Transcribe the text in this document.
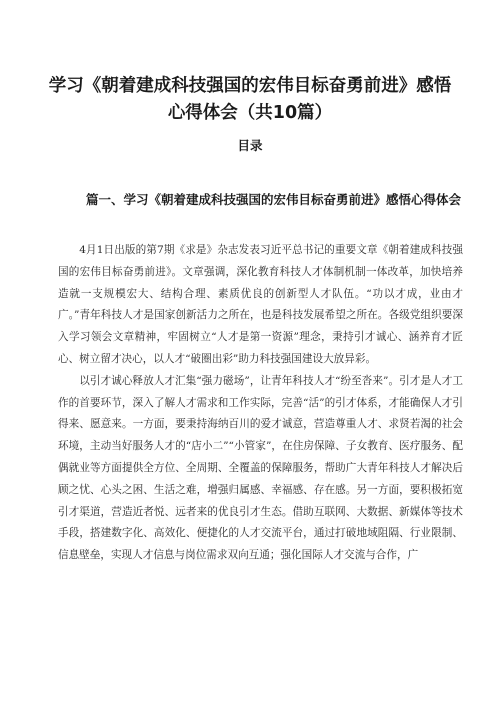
学习《朝着建成科技强国的宏伟目标奋勇前进》感悟心得体会（共10篇）
目录
篇一、学习《朝着建成科技强国的宏伟目标奋勇前进》感悟心得体会

4月1日出版的第7期《求是》杂志发表习近平总书记的重要文章《朝着建成科技强国的宏伟目标奋勇前进》。文章强调，深化教育科技人才体制机制一体改革，加快培养造就一支规模宏大、结构合理、素质优良的创新型人才队伍。“功以才成，业由才广。”青年科技人才是国家创新活力之所在，也是科技发展希望之所在。各级党组织要深入学习领会文章精神，牢固树立“人才是第一资源”理念，秉持引才诚心、涵养育才匠心、树立留才决心，以人才“破圈出彩”助力科技强国建设大放异彩。

以引才诚心释放人才汇集“强力磁场”，让青年科技人才“纷至沓来”。引才是人才工作的首要环节，深入了解人才需求和工作实际，完善“活”的引才体系，才能确保人才引得来、愿意来。一方面，要秉持海纳百川的爱才诚意，营造尊重人才、求贤若渴的社会环境，主动当好服务人才的“店小二”“小管家”，在住房保障、子女教育、医疗服务、配偶就业等方面提供全方位、全周期、全覆盖的保障服务，帮助广大青年科技人才解决后顾之忧、心头之困、生活之难，增强归属感、幸福感、存在感。另一方面，要积极拓宽引才渠道，营造近者悦、远者来的优良引才生态。借助互联网、大数据、新媒体等技术手段，搭建数字化、高效化、便捷化的人才交流平台，通过打破地域阻隔、行业限制、信息壁垒，实现人才信息与岗位需求双向互通；强化国际人才交流与合作，广
